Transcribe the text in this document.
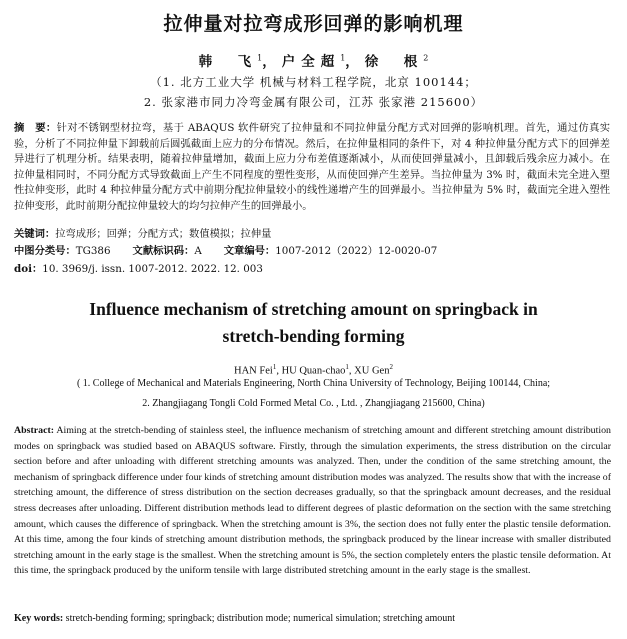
拉伸量对拉弯成形回弹的影响机理
韩　飞$^1$，户全超$^1$，徐　根$^2$
（1. 北方工业大学 机械与材料工程学院，北京 100144；
2. 张家港市同力冷弯金属有限公司，江苏 张家港 215600）
摘　要：针对不锈钢型材拉弯，基于 ABAQUS 软件研究了拉伸量和不同拉伸量分配方式对回弹的影响机理。首先，通过仿真实验，分析了不同拉伸量下卸载前后圆弧截面上应力的分布情况。然后，在拉伸量相同的条件下，对 4 种拉伸量分配方式下的回弹差异进行了机理分析。结果表明，随着拉伸量增加，截面上应力分布差值逐渐减小，从而使回弹量减小，且卸载后残余应力减小。在拉伸量相同时，不同分配方式导致截面上产生不同程度的塑性变形，从而使回弹产生差异。当拉伸量为 3% 时，截面未完全进入塑性拉伸变形，此时 4 种拉伸量分配方式中前期分配拉伸量较小的线性递增产生的回弹最小。当拉伸量为 5% 时，截面完全进入塑性拉伸变形，此时前期分配拉伸量较大的均匀拉伸产生的回弹最小。
关键词：拉弯成形；回弹；分配方式；数值模拟；拉伸量
中图分类号：TG386 文献标识码：A 文章编号：1007-2012（2022）12-0020-07
doi：10. 3969/j. issn. 1007-2012. 2022. 12. 003
Influence mechanism of stretching amount on springback in
stretch-bending forming
HAN Fei$^1$, HU Quan-chao$^1$, XU Gen$^2$
( 1. College of Mechanical and Materials Engineering, North China University of Technology, Beijing 100144, China;
2. Zhangjiagang Tongli Cold Formed Metal Co. , Ltd. , Zhangjiagang 215600, China)
Abstract: Aiming at the stretch-bending of stainless steel, the influence mechanism of stretching amount and different stretching amount distribution modes on springback was studied based on ABAQUS software. Firstly, through the simulation experiments, the stress distribution on the circular section before and after unloading with different stretching amounts was analyzed. Then, under the condition of the same stretching amount, the mechanism of springback difference under four kinds of stretching amount distribution modes was analyzed. The results show that with the increase of stretching amount, the difference of stress distribution on the section decreases gradually, so that the springback amount decreases, and the residual stress decreases after unloading. Different distribution methods lead to different degrees of plastic deformation on the section with the same stretching amount, which causes the difference of springback. When the stretching amount is 3%, the section does not fully enter the plastic tensile deformation. At this time, among the four kinds of stretching amount distribution methods, the springback produced by the linear increase with smaller distributed stretching amount in the early stage is the smallest. When the stretching amount is 5%, the section completely enters the plastic tensile deformation. At this time, the springback produced by the uniform tensile with large distributed stretching amount in the early stage is the smallest.
Key words: stretch-bending forming; springback; distribution mode; numerical simulation; stretching amount
